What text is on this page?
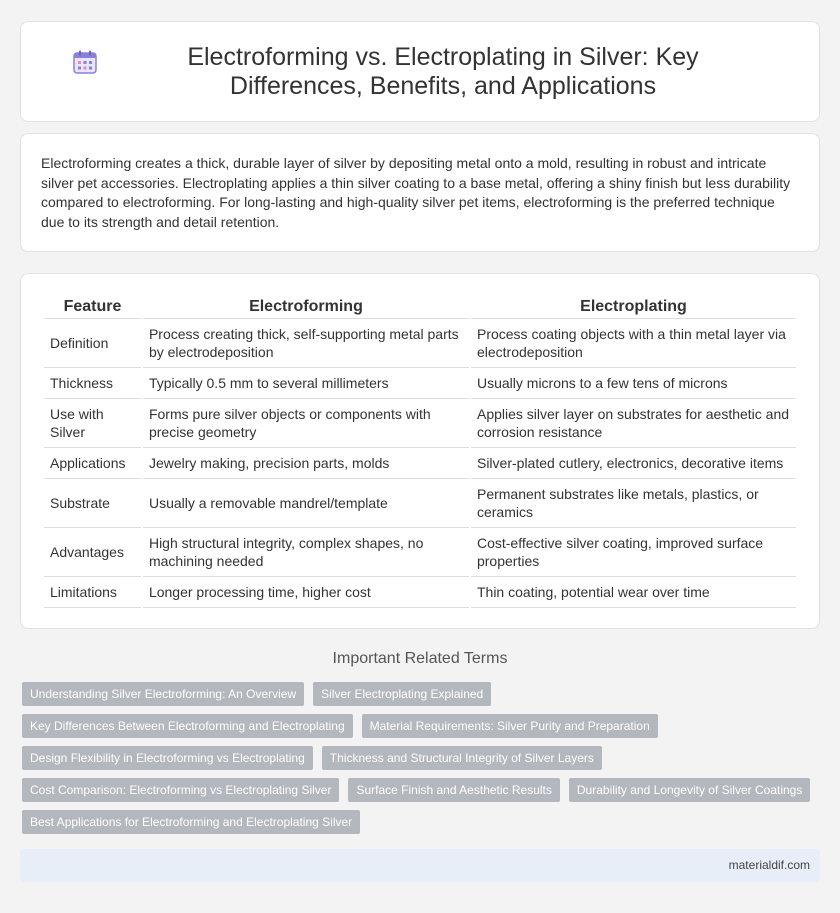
Electroforming vs. Electroplating in Silver: Key Differences, Benefits, and Applications

Electroforming creates a thick, durable layer of silver by depositing metal onto a mold, resulting in robust and intricate silver pet accessories. Electroplating applies a thin silver coating to a base metal, offering a shiny finish but less durability compared to electroforming. For long-lasting and high-quality silver pet items, electroforming is the preferred technique due to its strength and detail retention.

Feature	Electroforming	Electroplating
Definition	Process creating thick, self-supporting metal parts by electrodeposition	Process coating objects with a thin metal layer via electrodeposition
Thickness	Typically 0.5 mm to several millimeters	Usually microns to a few tens of microns
Use with Silver	Forms pure silver objects or components with precise geometry	Applies silver layer on substrates for aesthetic and corrosion resistance
Applications	Jewelry making, precision parts, molds	Silver-plated cutlery, electronics, decorative items
Substrate	Usually a removable mandrel/template	Permanent substrates like metals, plastics, or ceramics
Advantages	High structural integrity, complex shapes, no machining needed	Cost-effective silver coating, improved surface properties
Limitations	Longer processing time, higher cost	Thin coating, potential wear over time
Important Related Terms
Understanding Silver Electroforming: An Overview	Silver Electroplating Explained
Key Differences Between Electroforming and Electroplating	Material Requirements: Silver Purity and Preparation
Design Flexibility in Electroforming vs Electroplating	Thickness and Structural Integrity of Silver Layers
Cost Comparison: Electroforming vs Electroplating Silver	Surface Finish and Aesthetic Results	Durability and Longevity of Silver Coatings
Best Applications for Electroforming and Electroplating Silver
materialdif.com
